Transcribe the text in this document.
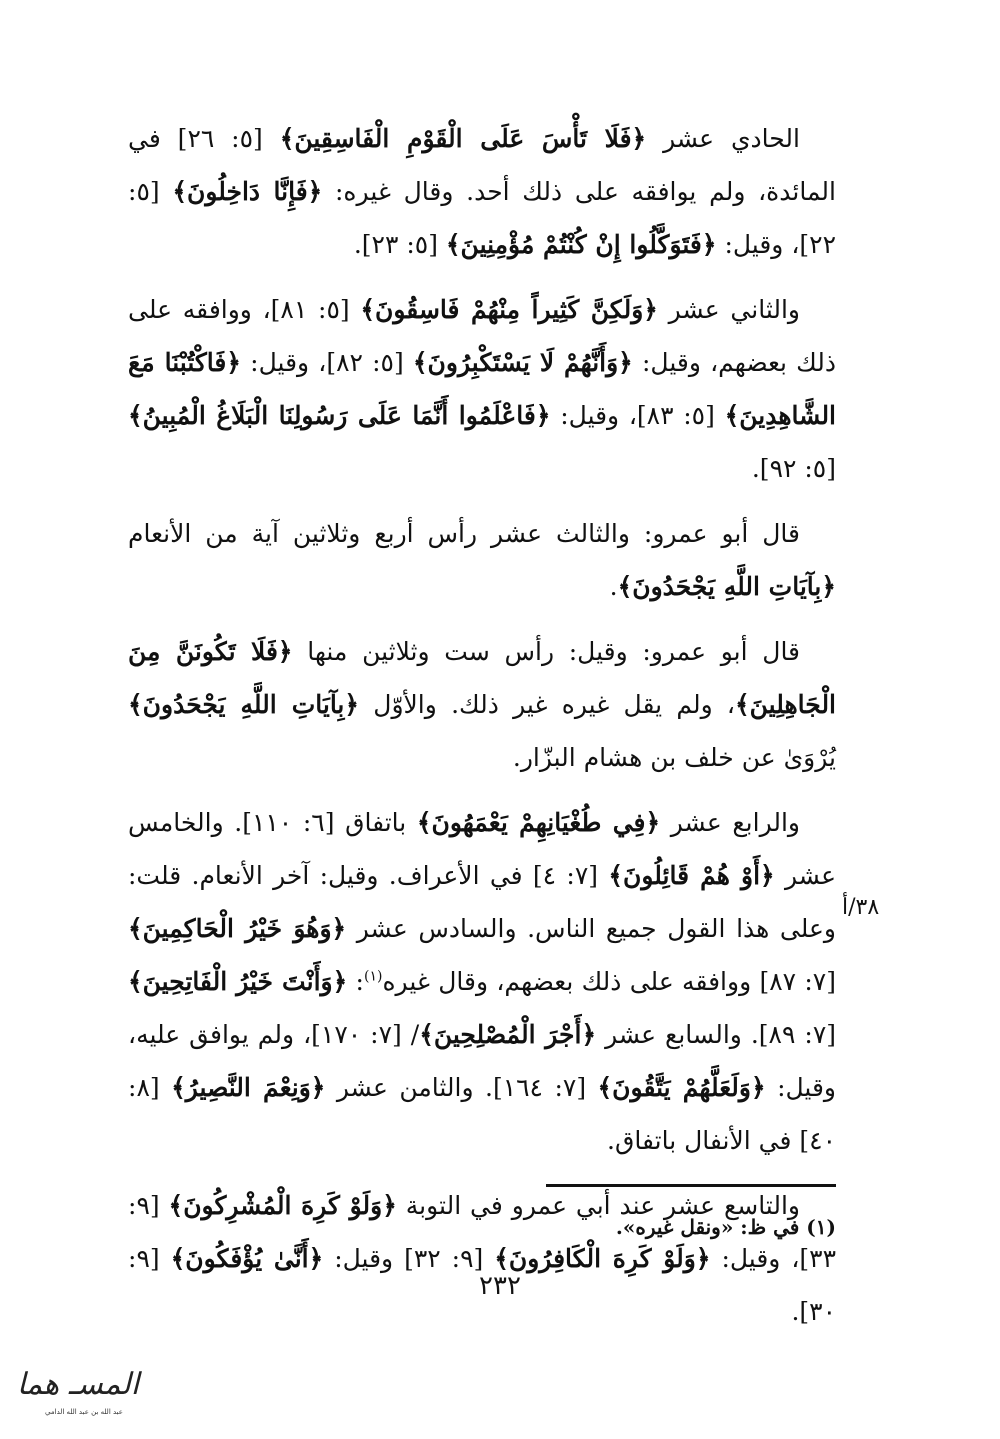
الحادي عشر ﴿فَلَا تَأْسَ عَلَى الْقَوْمِ الْفَاسِقِينَ﴾ [٥: ٢٦] في المائدة، ولم يوافقه على ذلك أحد. وقال غيره: ﴿فَإِنَّا دَاخِلُونَ﴾ [٥: ٢٢]، وقيل: ﴿فَتَوَكَّلُوا إِنْ كُنْتُمْ مُؤْمِنِينَ﴾ [٥: ٢٣].

والثاني عشر ﴿وَلَكِنَّ كَثِيراً مِنْهُمْ فَاسِقُونَ﴾ [٥: ٨١]، ووافقه على ذلك بعضهم، وقيل: ﴿وَأَنَّهُمْ لَا يَسْتَكْبِرُونَ﴾ [٥: ٨٢]، وقيل: ﴿فَاكْتُبْنَا مَعَ الشَّاهِدِينَ﴾ [٥: ٨٣]، وقيل: ﴿فَاعْلَمُوا أَنَّمَا عَلَى رَسُولِنَا الْبَلَاغُ الْمُبِينُ﴾ [٥: ٩٢].

قال أبو عمرو: والثالث عشر رأس أربع وثلاثين آية من الأنعام ﴿بِآيَاتِ اللَّهِ يَجْحَدُونَ﴾.

قال أبو عمرو: وقيل: رأس ست وثلاثين منها ﴿فَلَا تَكُونَنَّ مِنَ الْجَاهِلِينَ﴾، ولم يقل غيره غير ذلك. والأوّل ﴿بِآيَاتِ اللَّهِ يَجْحَدُونَ﴾ يُرْوَىٰ عن خلف بن هشام البزّار.

والرابع عشر ﴿فِي طُغْيَانِهِمْ يَعْمَهُونَ﴾ باتفاق [٦: ١١٠]. والخامس عشر ﴿أَوْ هُمْ قَائِلُونَ﴾ [٧: ٤] في الأعراف. وقيل: آخر الأنعام. قلت: وعلى هذا القول جميع الناس. والسادس عشر ﴿وَهُوَ خَيْرُ الْحَاكِمِينَ﴾ [٧: ٨٧] ووافقه على ذلك بعضهم، وقال غيره$^{(١)}$: ﴿وَأَنْتَ خَيْرُ الْفَاتِحِينَ﴾ [٧: ٨٩]. والسابع عشر ﴿أَجْرَ الْمُصْلِحِينَ﴾/ [٧: ١٧٠]، ولم يوافق عليه، وقيل: ﴿وَلَعَلَّهُمْ يَتَّقُونَ﴾ [٧: ١٦٤]. والثامن عشر ﴿وَنِعْمَ النَّصِيرُ﴾ [٨: ٤٠] في الأنفال باتفاق.

والتاسع عشر عند أبي عمرو في التوبة ﴿وَلَوْ كَرِهَ الْمُشْرِكُونَ﴾ [٩: ٣٣]، وقيل: ﴿وَلَوْ كَرِهَ الْكَافِرُونَ﴾ [٩: ٣٢] وقيل: ﴿أَنَّىٰ يُؤْفَكُونَ﴾ [٩: ٣٠].

٣٨/أ
(١) في ظ: «ونقل غيره».
٢٣٢
المسـ هما
عبد الله بن عبد الله الدامي
